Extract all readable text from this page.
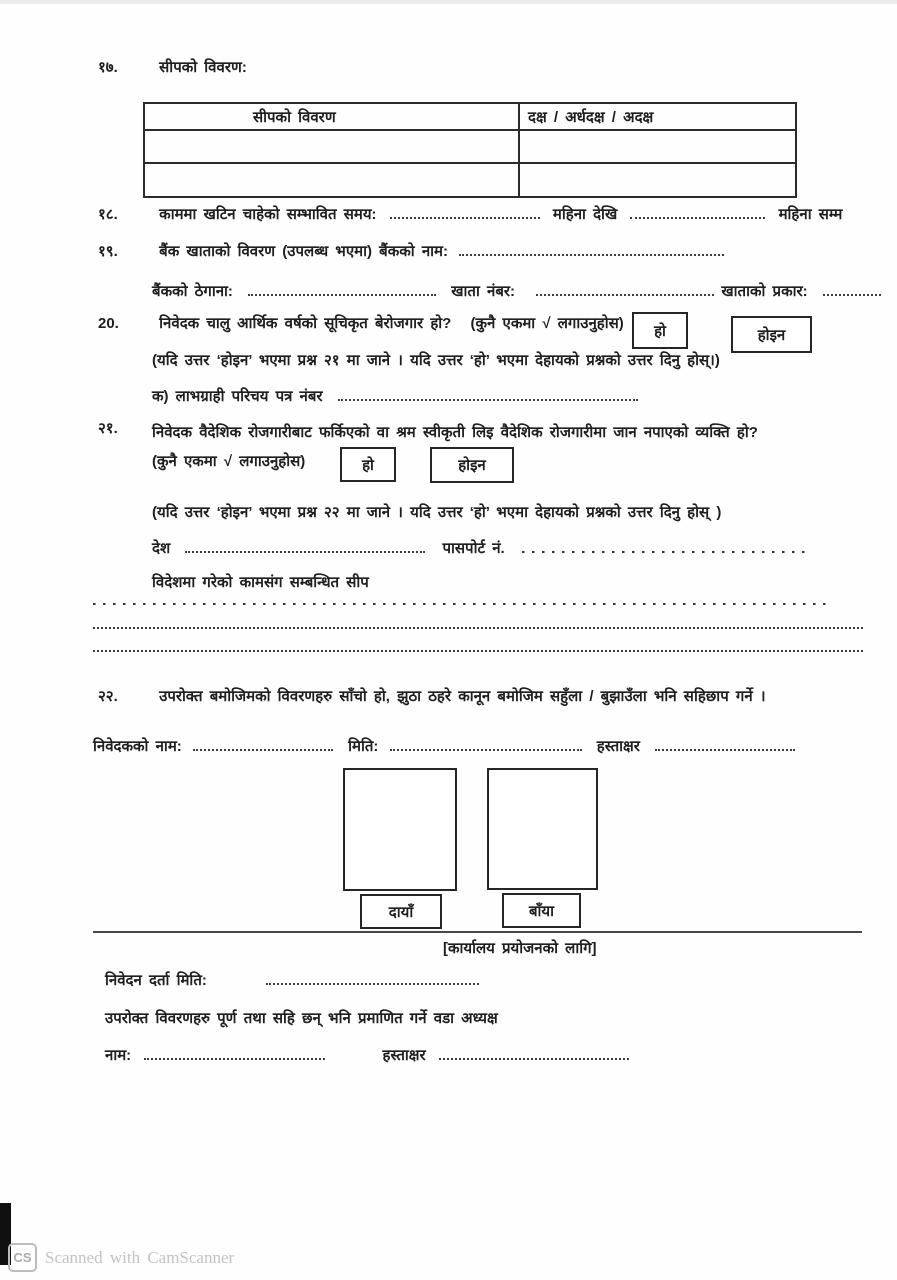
१७.	सीपको विवरण:
सीपको विवरण	दक्ष / अर्धदक्ष / अदक्ष
१८.	काममा खटिन चाहेको सम्भावित समय:	महिना देखि	महिना सम्म
१९.	बैंक खाताको विवरण (उपलब्ध भएमा) बैंकको नाम:
बैंकको ठेगाना:	खाता नंबर:	खाताको प्रकार:
20.	निवेदक चालु आर्थिक वर्षको सूचिकृत बेरोजगार हो? (कुनै एकमा √ लगाउनुहोस) हो	होइन
(यदि उत्तर ‘होइन’ भएमा प्रश्न २१ मा जाने । यदि उत्तर ‘हो’ भएमा देहायको प्रश्नको उत्तर दिनु होस्।)
क) लाभग्राही परिचय पत्र नंबर
२१. निवेदक वैदेशिक रोजगारीबाट फर्किएको वा श्रम स्वीकृती लिइ वैदेशिक रोजगारीमा जान नपाएको व्यक्ति हो?
(कुनै एकमा √ लगाउनुहोस)	हो	होइन
(यदि उत्तर ‘होइन’ भएमा प्रश्न २२ मा जाने । यदि उत्तर ‘हो’ भएमा देहायको प्रश्नको उत्तर दिनु होस् )
देश	पासपोर्ट नं.
विदेशमा गरेको कामसंग सम्बन्धित सीप
२२.	उपरोक्त बमोजिमको विवरणहरु साँचो हो, झुठा ठहरे कानून बमोजिम सहुँला / बुझाउँला भनि सहिछाप गर्ने ।
निवेदकको नाम:	मिति:	हस्ताक्षर
दायाँ	बाँया
[कार्यालय प्रयोजनको लागि]
निवेदन दर्ता मिति:
उपरोक्त विवरणहरु पूर्ण तथा सहि छन् भनि प्रमाणित गर्ने वडा अध्यक्ष
नाम:	हस्ताक्षर
CS Scanned with CamScanner
